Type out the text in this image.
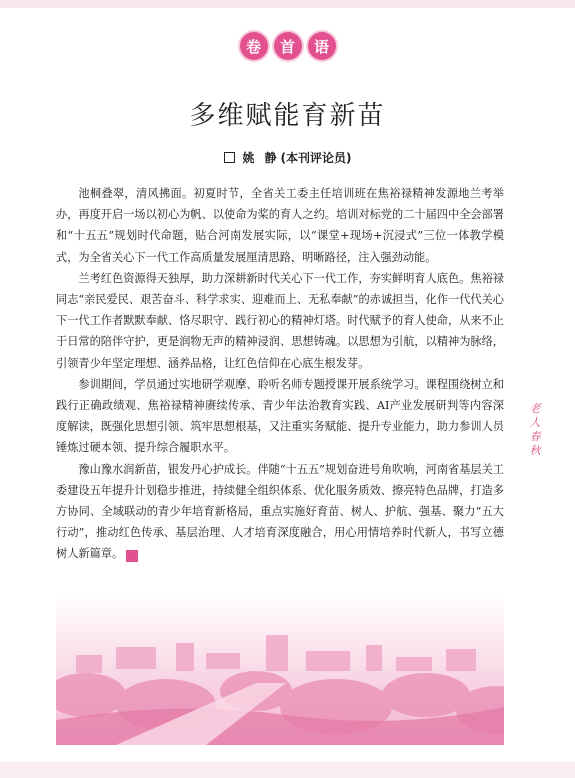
卷	首	语
多维赋能育新苗
姚静(本刊评论员)

池桐叠翠，清风拂面。初夏时节，全省关工委主任培训班在焦裕禄精神发源地兰考举办，再度开启一场以初心为帆、以使命为桨的育人之约。培训对标党的二十届四中全会部署和“十五五”规划时代命题，贴合河南发展实际，以“课堂+现场+沉浸式”三位一体教学模式，为全省关心下一代工作高质量发展厘清思路，明晰路径，注入强劲动能。

兰考红色资源得天独厚，助力深耕新时代关心下一代工作，夯实鲜明育人底色。焦裕禄同志“亲民爱民、艰苦奋斗、科学求实、迎难而上、无私奉献”的赤诚担当，化作一代代关心下一代工作者默默奉献、恪尽职守、践行初心的精神灯塔。时代赋予的育人使命，从来不止于日常的陪伴守护，更是润物无声的精神浸润、思想铸魂。以思想为引航，以精神为脉络，引领青少年坚定理想、涵养品格，让红色信仰在心底生根发芽。

参训期间，学员通过实地研学观摩、聆听名师专题授课开展系统学习。课程围绕树立和践行正确政绩观、焦裕禄精神赓续传承、青少年法治教育实践、AI产业发展研判等内容深度解读，既强化思想引领、筑牢思想根基，又注重实务赋能、提升专业能力，助力参训人员锤炼过硬本领、提升综合履职水平。

豫山豫水润新苗，银发丹心护成长。伴随“十五五”规划奋进号角吹响，河南省基层关工委建设五年提升计划稳步推进，持续健全组织体系、优化服务质效、擦亮特色品牌，打造多方协同、全域联动的青少年培育新格局，重点实施好育苗、树人、护航、强基、聚力“五大行动”，推动红色传承、基层治理、人才培育深度融合，用心用情培养时代新人，书写立德树人新篇章。	★

老
人
春
秋
